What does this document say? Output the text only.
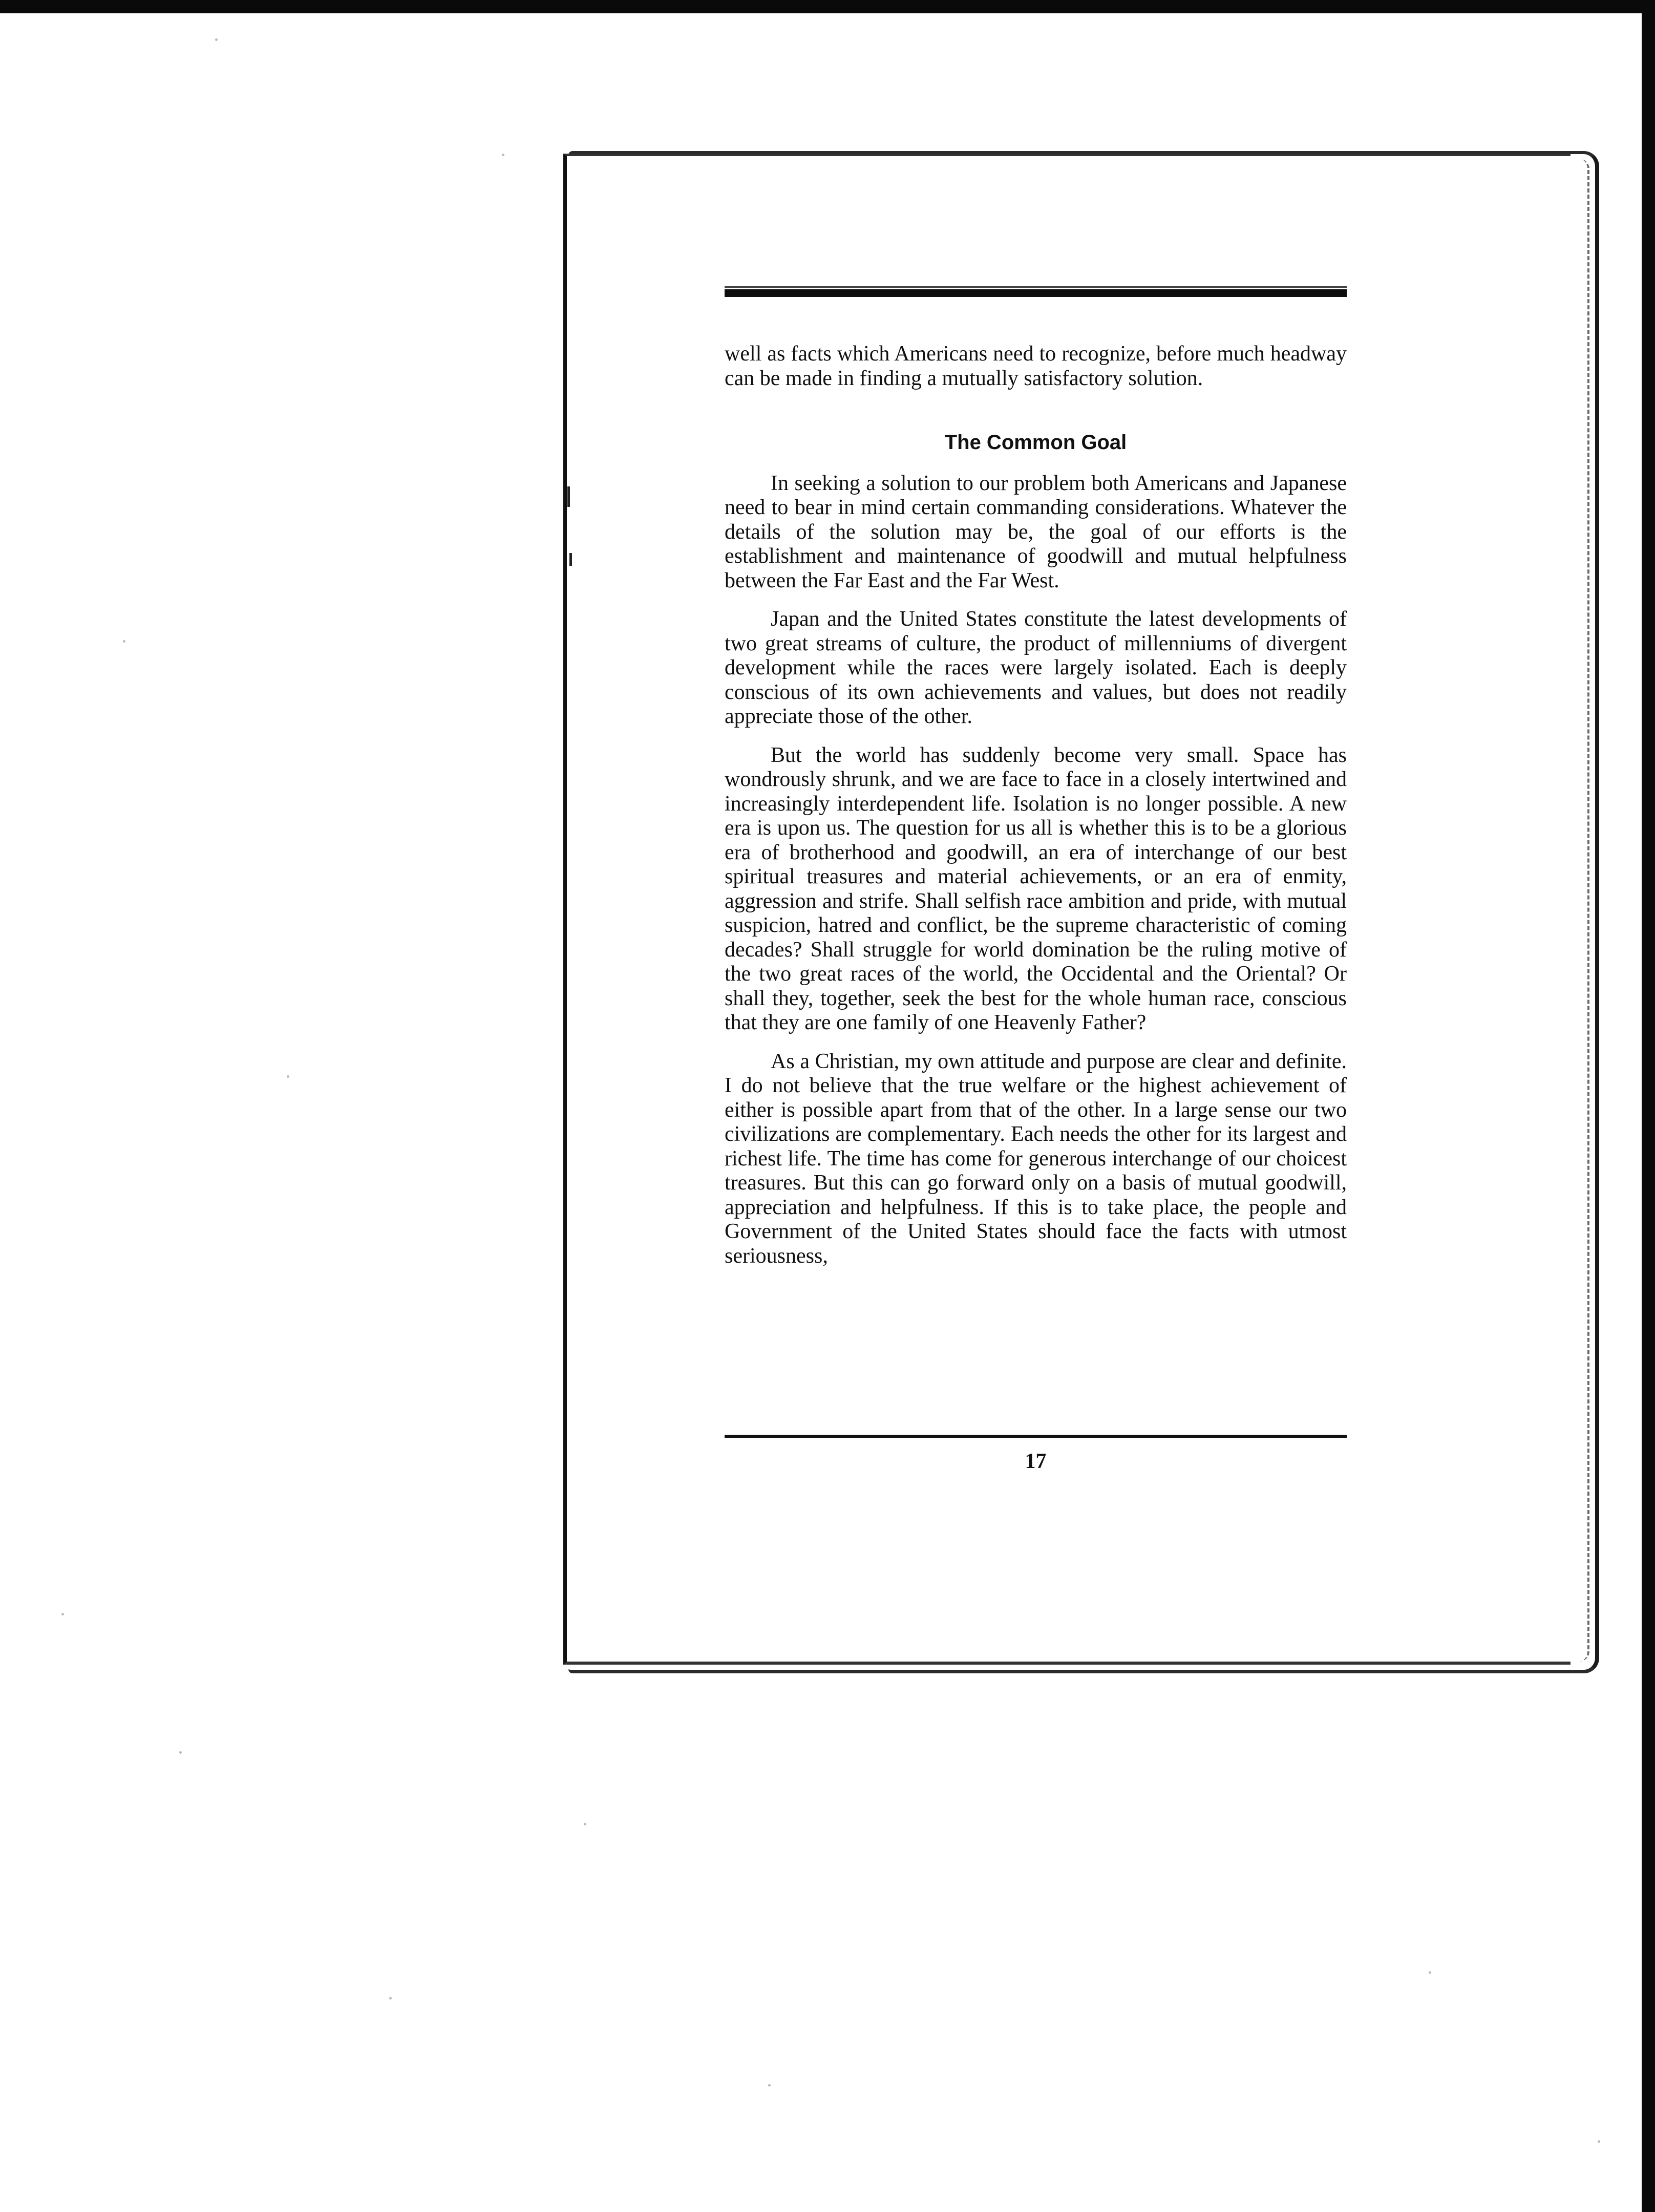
well as facts which Americans need to recognize, before much headway can be made in finding a mutually satisfactory solution.

The Common Goal

In seeking a solution to our problem both Americans and Japanese need to bear in mind certain commanding considerations. Whatever the details of the solution may be, the goal of our efforts is the establishment and maintenance of goodwill and mutual helpfulness between the Far East and the Far West.

Japan and the United States constitute the latest developments of two great streams of culture, the product of millenniums of divergent development while the races were largely isolated. Each is deeply conscious of its own achievements and values, but does not readily appreciate those of the other.

But the world has suddenly become very small. Space has wondrously shrunk, and we are face to face in a closely intertwined and increasingly interdependent life. Isolation is no longer possible. A new era is upon us. The question for us all is whether this is to be a glorious era of brotherhood and goodwill, an era of interchange of our best spiritual treasures and material achievements, or an era of enmity, aggression and strife. Shall selfish race ambition and pride, with mutual suspicion, hatred and conflict, be the supreme characteristic of coming decades? Shall struggle for world domination be the ruling motive of the two great races of the world, the Occidental and the Oriental? Or shall they, together, seek the best for the whole human race, conscious that they are one family of one Heavenly Father?

As a Christian, my own attitude and purpose are clear and definite. I do not believe that the true welfare or the highest achievement of either is possible apart from that of the other. In a large sense our two civilizations are complementary. Each needs the other for its largest and richest life. The time has come for generous interchange of our choicest treasures. But this can go forward only on a basis of mutual goodwill, appreciation and helpfulness. If this is to take place, the people and Government of the United States should face the facts with utmost seriousness,

17
